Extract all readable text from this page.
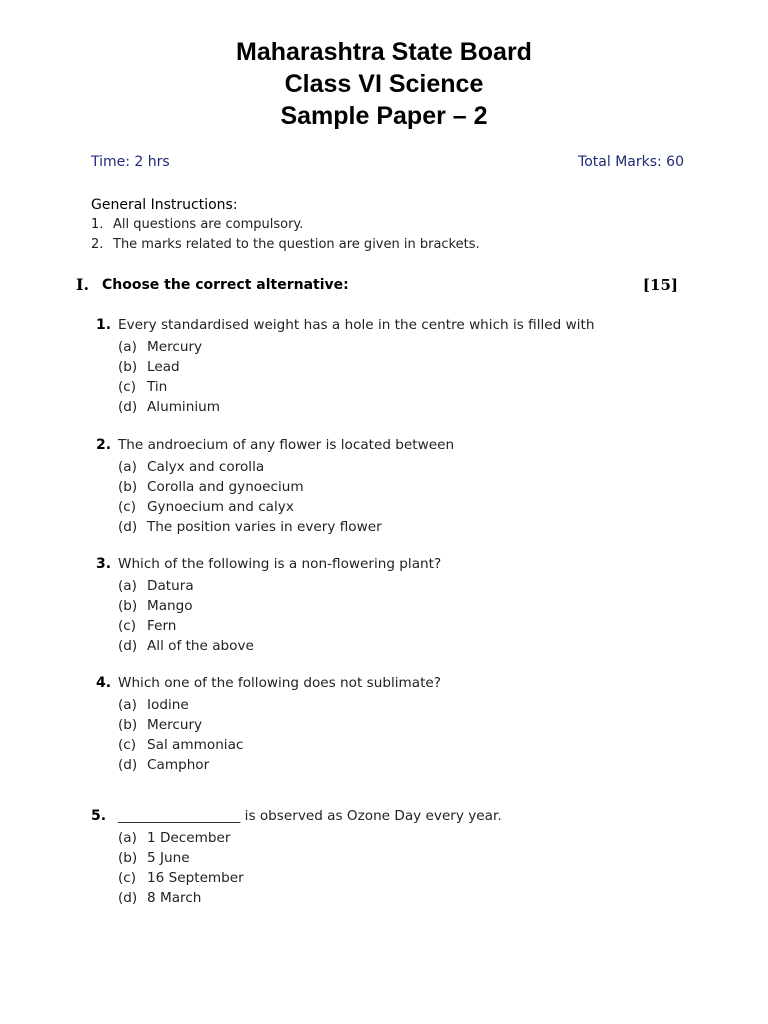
Maharashtra State Board
Class VI Science
Sample Paper – 2
Time: 2 hrs	Total Marks: 60
General Instructions:
1. All questions are compulsory.
2. The marks related to the question are given in brackets.
I. Choose the correct alternative:	[15]
1. Every standardised weight has a hole in the centre which is filled with
(a) Mercury
(b) Lead
(c) Tin
(d) Aluminium
2. The androecium of any flower is located between
(a) Calyx and corolla
(b) Corolla and gynoecium
(c) Gynoecium and calyx
(d) The position varies in every flower
3. Which of the following is a non-flowering plant?
(a) Datura
(b) Mango
(c) Fern
(d) All of the above
4. Which one of the following does not sublimate?
(a) Iodine
(b) Mercury
(c) Sal ammoniac
(d) Camphor
5. __________________ is observed as Ozone Day every year.
(a) 1 December
(b) 5 June
(c) 16 September
(d) 8 March
